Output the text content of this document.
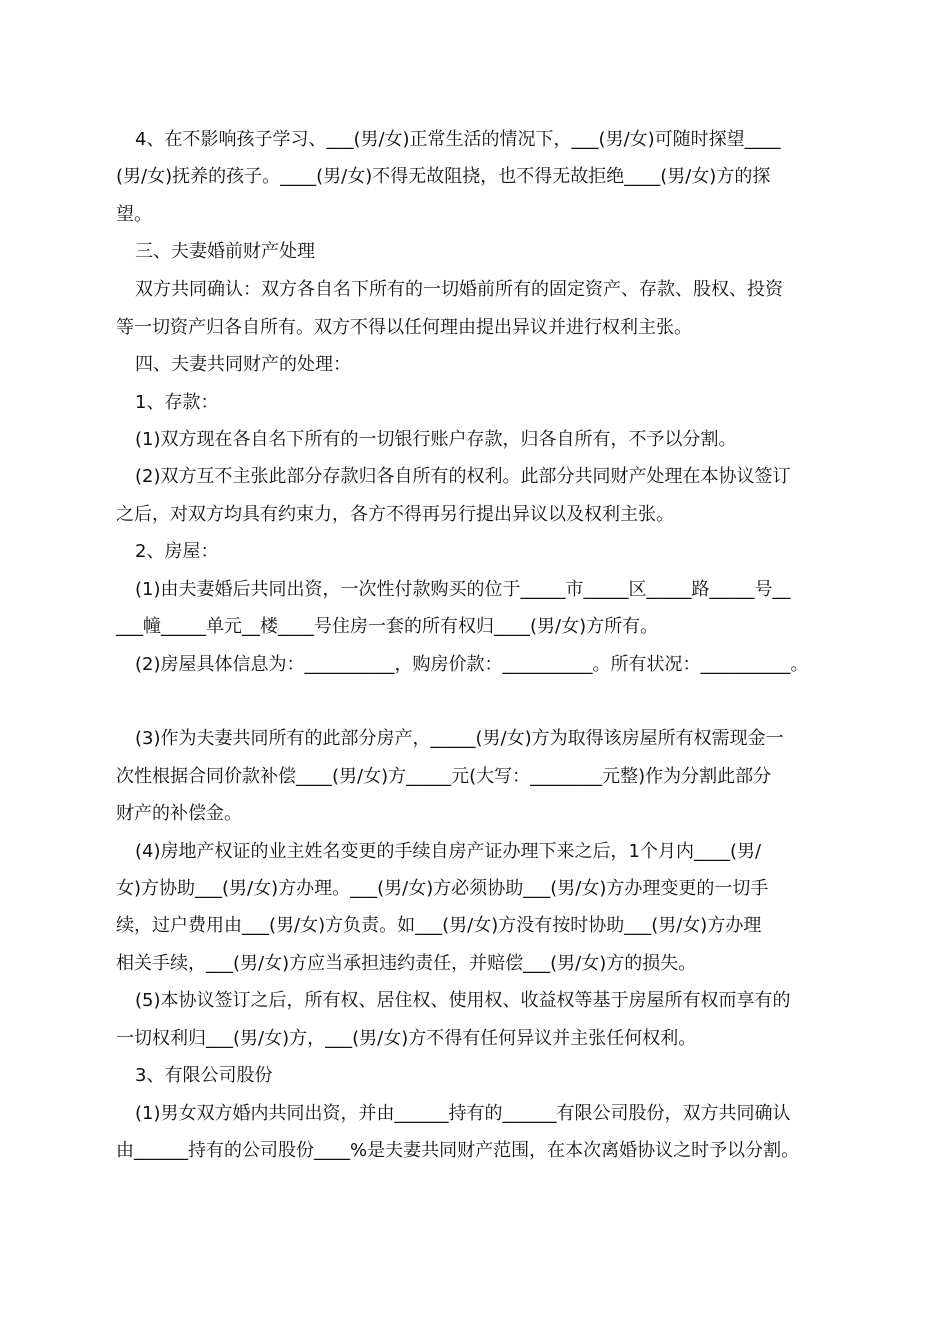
4、在不影响孩子学习、___(男/女)正常生活的情况下，___(男/女)可随时探望____
(男/女)抚养的孩子。____(男/女)不得无故阻挠，也不得无故拒绝____(男/女)方的探
望。
三、夫妻婚前财产处理
双方共同确认：双方各自名下所有的一切婚前所有的固定资产、存款、股权、投资
等一切资产归各自所有。双方不得以任何理由提出异议并进行权利主张。
四、夫妻共同财产的处理：
1、存款：
(1)双方现在各自名下所有的一切银行账户存款，归各自所有，不予以分割。
(2)双方互不主张此部分存款归各自所有的权利。此部分共同财产处理在本协议签订
之后，对双方均具有约束力，各方不得再另行提出异议以及权利主张。
2、房屋：
(1)由夫妻婚后共同出资，一次性付款购买的位于_____市_____区_____路_____号__
___幢_____单元__楼____号住房一套的所有权归____(男/女)方所有。
(2)房屋具体信息为：__________，购房价款：__________。所有状况：__________。
(3)作为夫妻共同所有的此部分房产，_____(男/女)方为取得该房屋所有权需现金一
次性根据合同价款补偿____(男/女)方_____元(大写：________元整)作为分割此部分
财产的补偿金。
(4)房地产权证的业主姓名变更的手续自房产证办理下来之后，1个月内____(男/
女)方协助___(男/女)方办理。___(男/女)方必须协助___(男/女)方办理变更的一切手
续，过户费用由___(男/女)方负责。如___(男/女)方没有按时协助___(男/女)方办理
相关手续，___(男/女)方应当承担违约责任，并赔偿___(男/女)方的损失。
(5)本协议签订之后，所有权、居住权、使用权、收益权等基于房屋所有权而享有的
一切权利归___(男/女)方，___(男/女)方不得有任何异议并主张任何权利。
3、有限公司股份
(1)男女双方婚内共同出资，并由______持有的______有限公司股份，双方共同确认
由______持有的公司股份____%是夫妻共同财产范围，在本次离婚协议之时予以分割。
